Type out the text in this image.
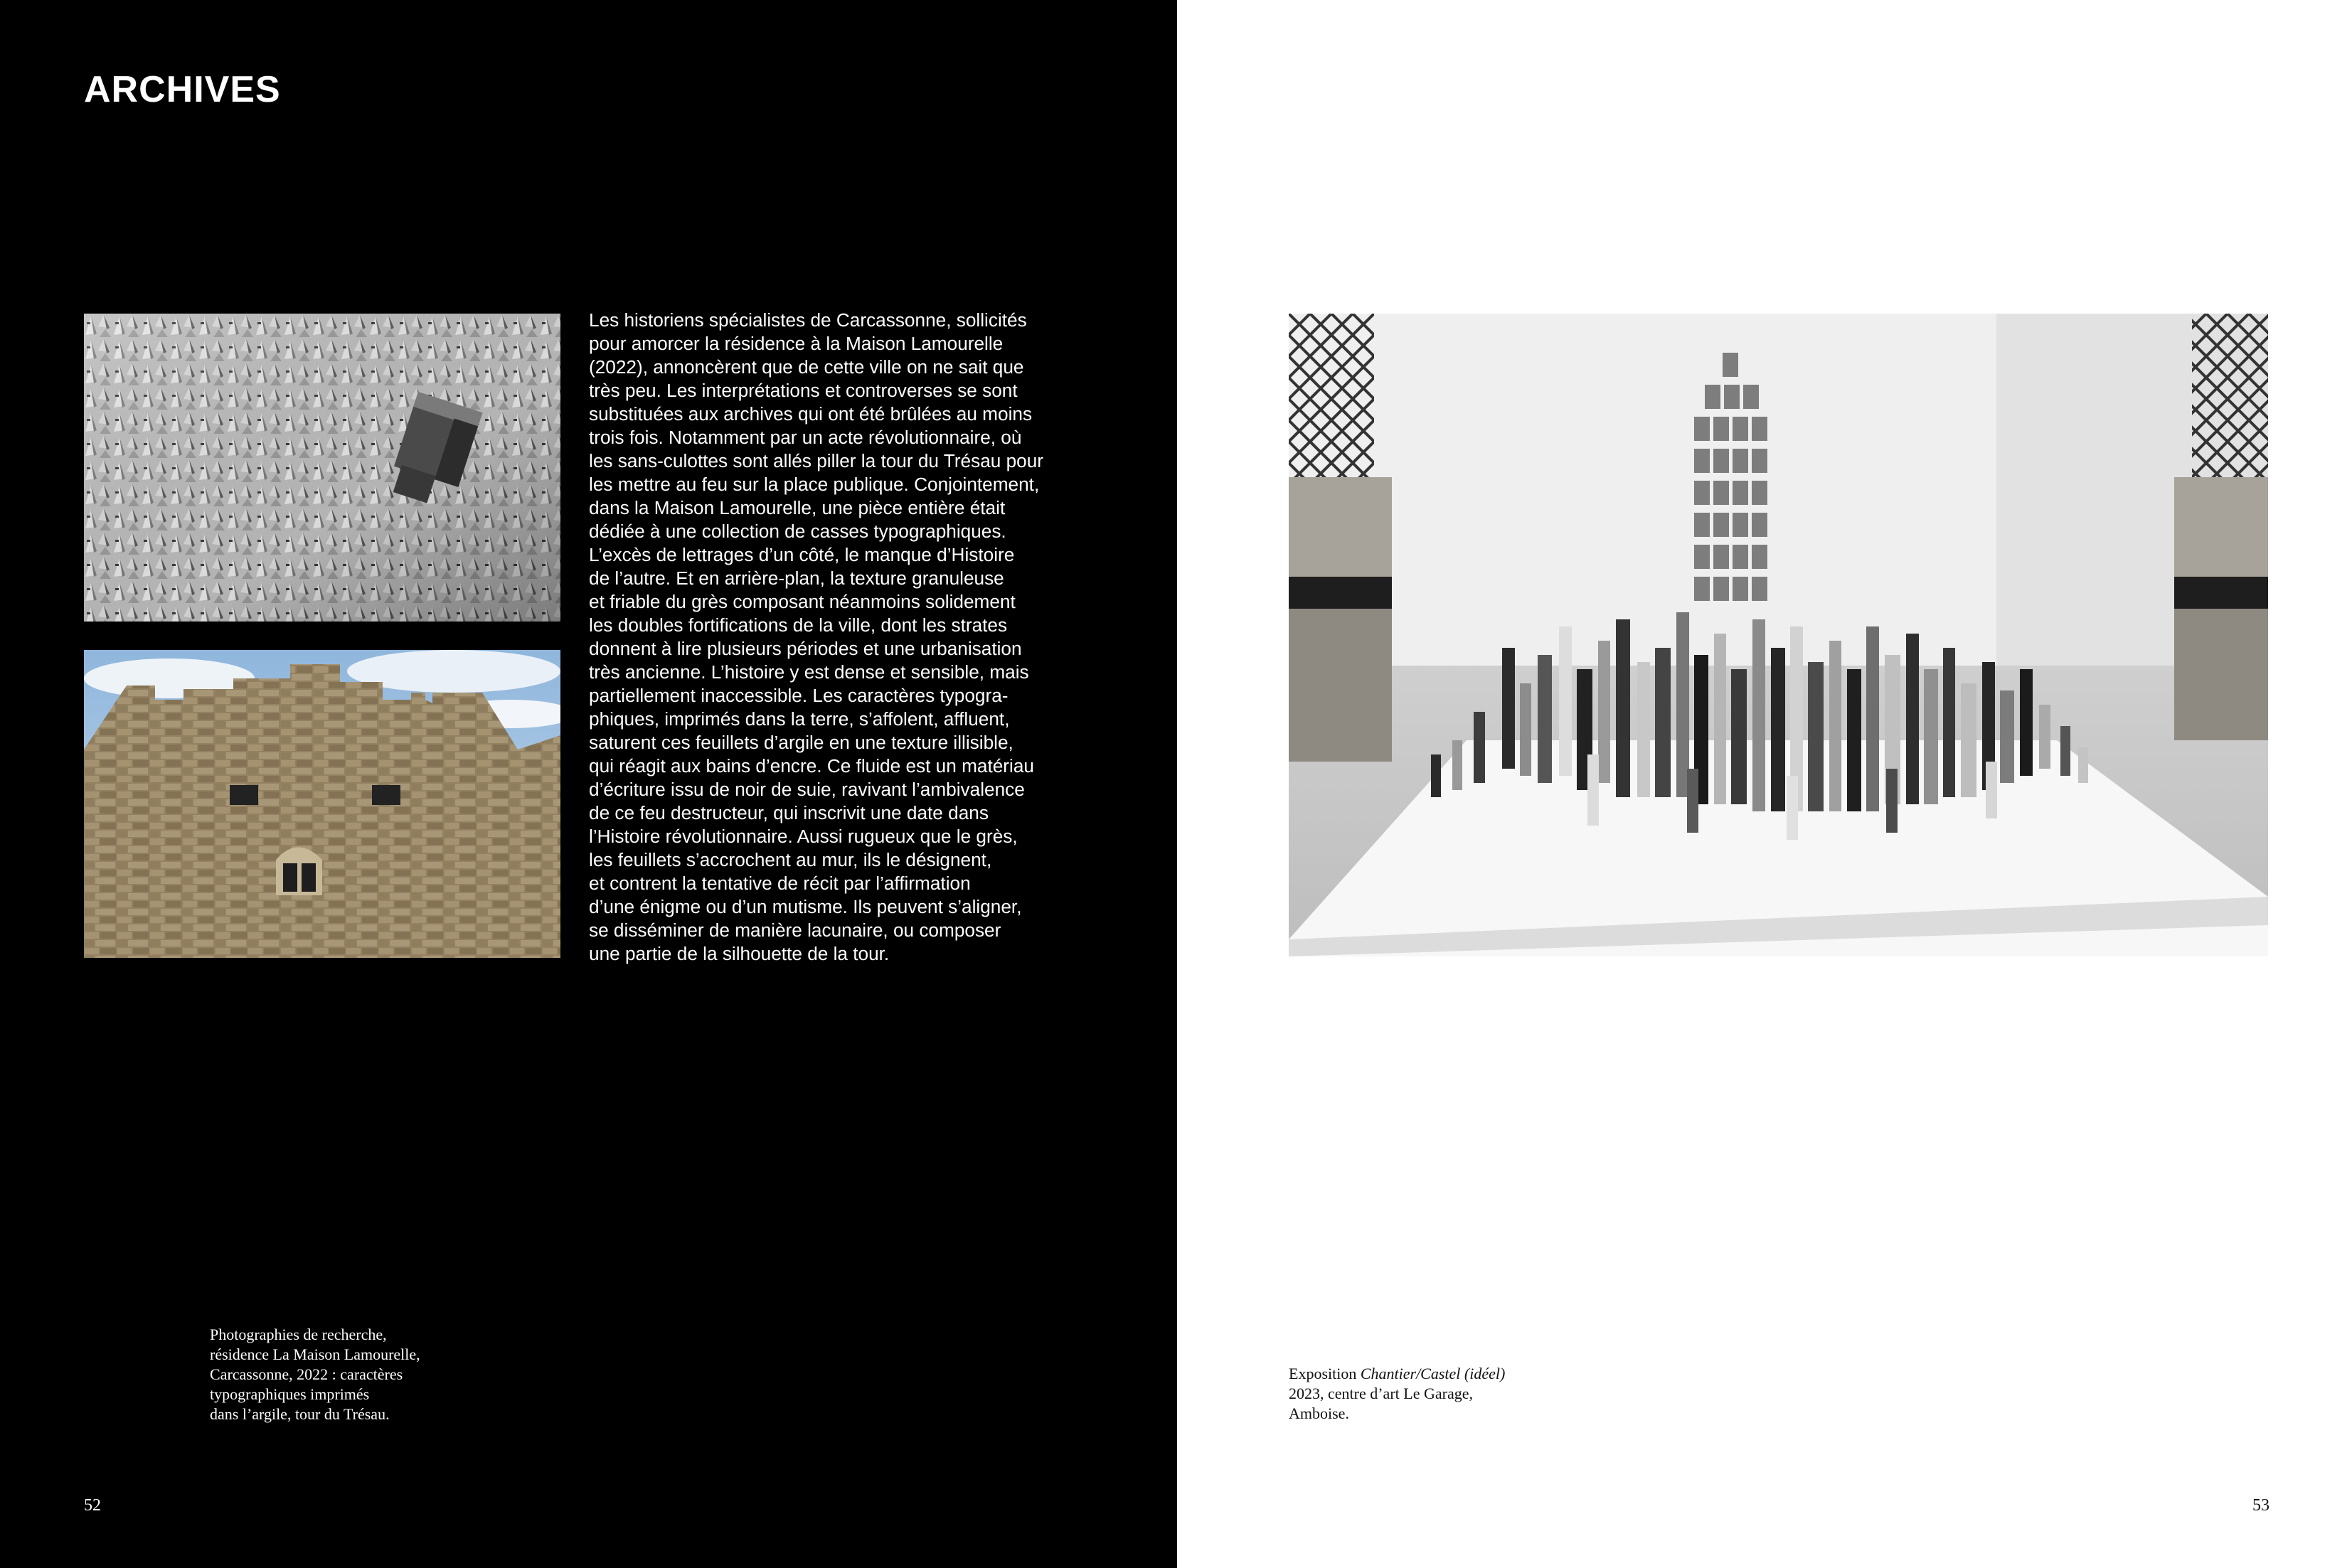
ARCHIVES
Les historiens spécialistes de Carcassonne, sollicités
pour amorcer la résidence à la Maison Lamourelle
(2022), annoncèrent que de cette ville on ne sait que
très peu. Les interprétations et controverses se sont
substituées aux archives qui ont été brûlées au moins
trois fois. Notamment par un acte révolutionnaire, où
les sans-culottes sont allés piller la tour du Trésau pour
les mettre au feu sur la place publique. Conjointement,
dans la Maison Lamourelle, une pièce entière était
dédiée à une collection de casses typographiques.
L’excès de lettrages d’un côté, le manque d’Histoire
de l’autre. Et en arrière-plan, la texture granuleuse
et friable du grès composant néanmoins solidement
les doubles fortifications de la ville, dont les strates
donnent à lire plusieurs périodes et une urbanisation
très ancienne. L’histoire y est dense et sensible, mais
partiellement inaccessible. Les caractères typogra-
phiques, imprimés dans la terre, s’affolent, affluent,
saturent ces feuillets d’argile en une texture illisible,
qui réagit aux bains d’encre. Ce fluide est un matériau
d’écriture issu de noir de suie, ravivant l’ambivalence
de ce feu destructeur, qui inscrivit une date dans
l’Histoire révolutionnaire. Aussi rugueux que le grès,
les feuillets s’accrochent au mur, ils le désignent,
et contrent la tentative de récit par l’affirmation
d’une énigme ou d’un mutisme. Ils peuvent s’aligner,
se disséminer de manière lacunaire, ou composer
une partie de la silhouette de la tour.
Photographies de recherche,
résidence La Maison Lamourelle,
Carcassonne, 2022 : caractères
typographiques imprimés
dans l’argile, tour du Trésau.
52
Exposition Chantier/Castel (idéel)
2023, centre d’art Le Garage,
Amboise.
53
